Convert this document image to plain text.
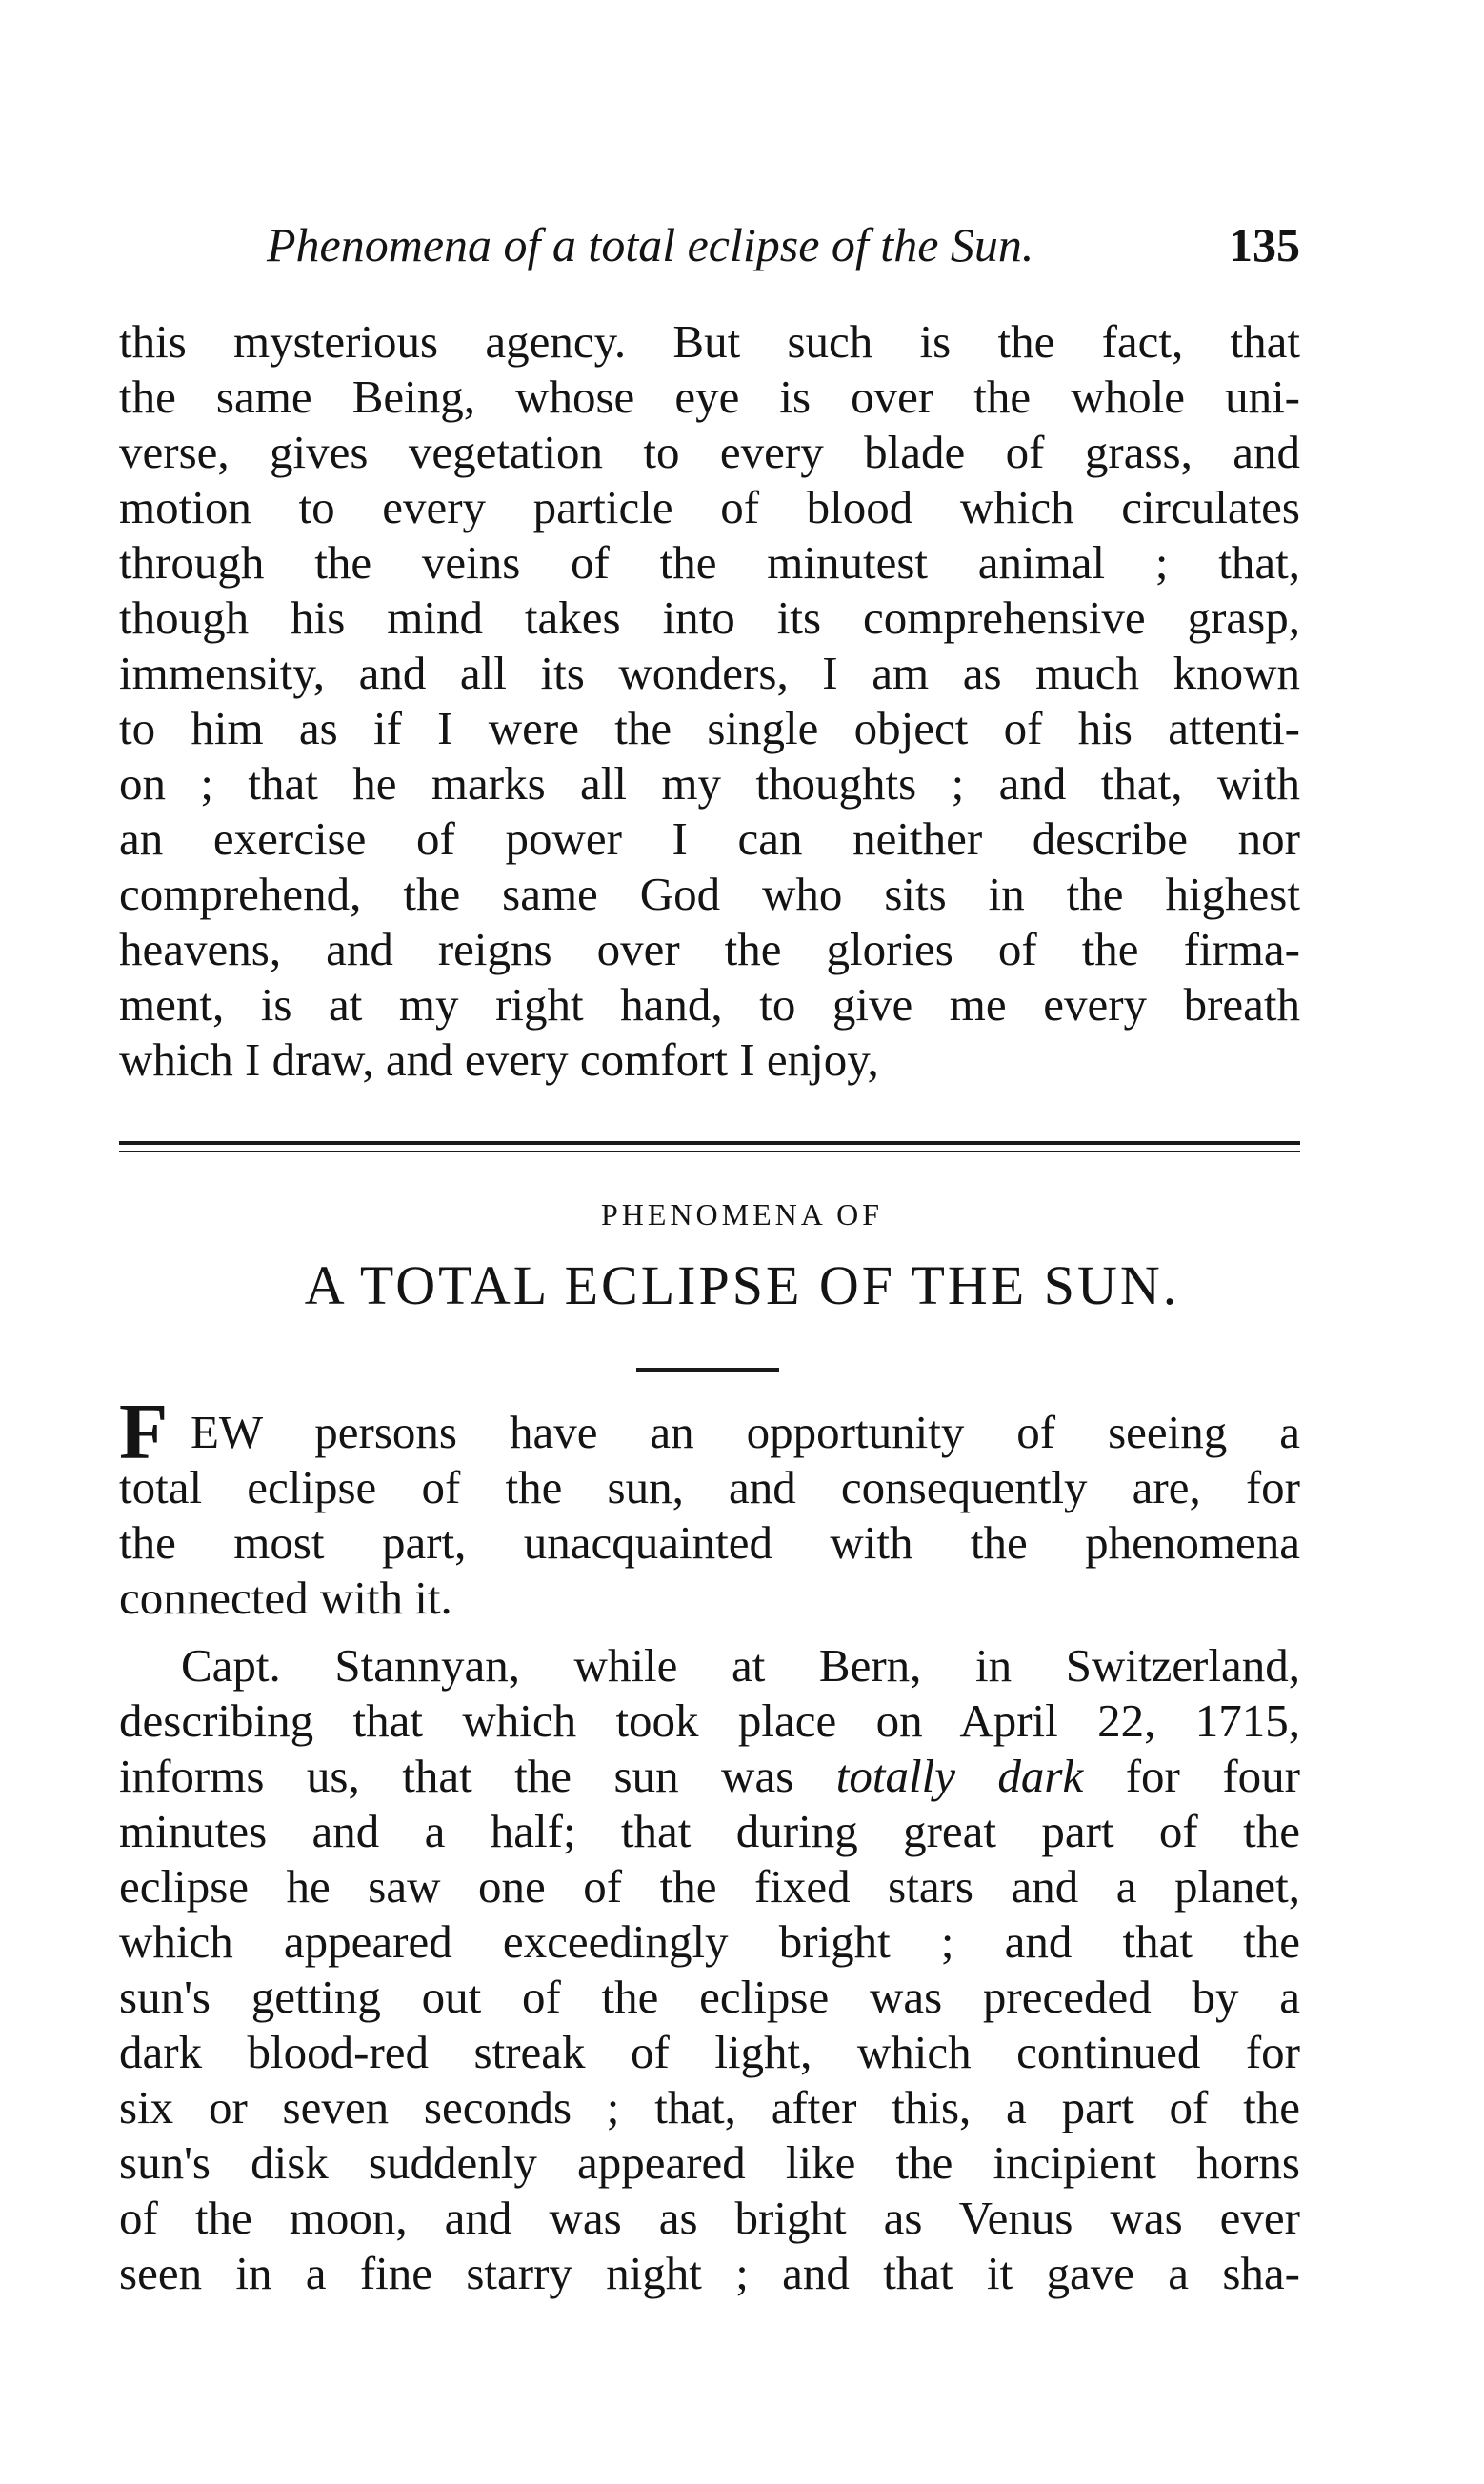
Phenomena of a total eclipse of the Sun.	135
this mysterious agency. But such is the fact, that
the same Being, whose eye is over the whole uni-
verse, gives vegetation to every blade of grass, and
motion to every particle of blood which circulates
through the veins of the minutest animal ; that,
though his mind takes into its comprehensive grasp,
immensity, and all its wonders, I am as much known
to him as if I were the single object of his attenti-
on ; that he marks all my thoughts ; and that, with
an exercise of power I can neither describe nor
comprehend, the same God who sits in the highest
heavens, and reigns over the glories of the firma-
ment, is at my right hand, to give me every breath
which I draw, and every comfort I enjoy,
PHENOMENA OF
A TOTAL ECLIPSE OF THE SUN.
F EW persons have an opportunity of seeing a
total eclipse of the sun, and consequently are, for
the most part, unacquainted with the phenomena
connected with it.
Capt. Stannyan, while at Bern, in Switzerland,
describing that which took place on April 22, 1715,
informs us, that the sun was totally dark for four
minutes and a half; that during great part of the
eclipse he saw one of the fixed stars and a planet,
which appeared exceedingly bright ; and that the
sun's getting out of the eclipse was preceded by a
dark blood-red streak of light, which continued for
six or seven seconds ; that, after this, a part of the
sun's disk suddenly appeared like the incipient horns
of the moon, and was as bright as Venus was ever
seen in a fine starry night ; and that it gave a sha-
